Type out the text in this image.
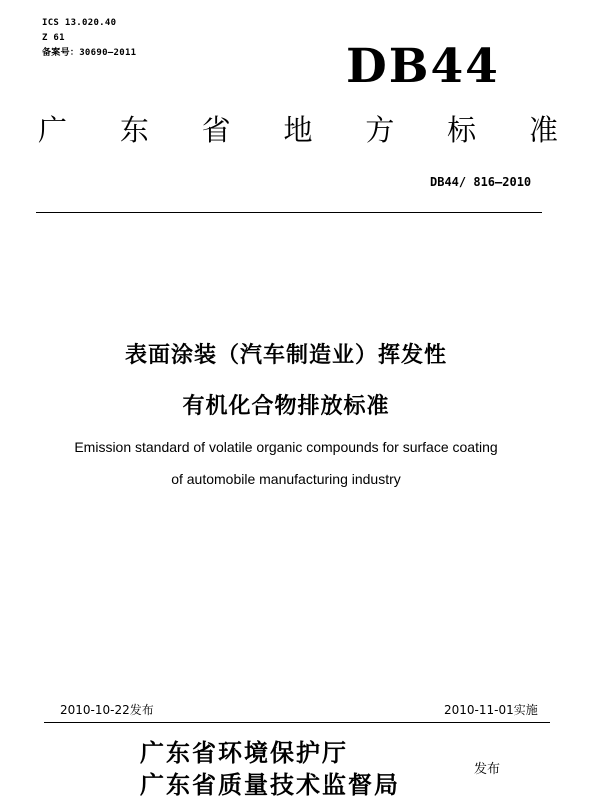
ICS 13.020.40
Z 61
备案号：30690—2011	DB44
广 东 省 地 方 标 准
DB44/ 816—2010
表面涂装（汽车制造业）挥发性
有机化合物排放标准
Emission standard of volatile organic compounds for surface coating
of automobile manufacturing industry
2010-10-22发布	2010-11-01实施
广东省环境保护厅
广东省质量技术监督局
发布
